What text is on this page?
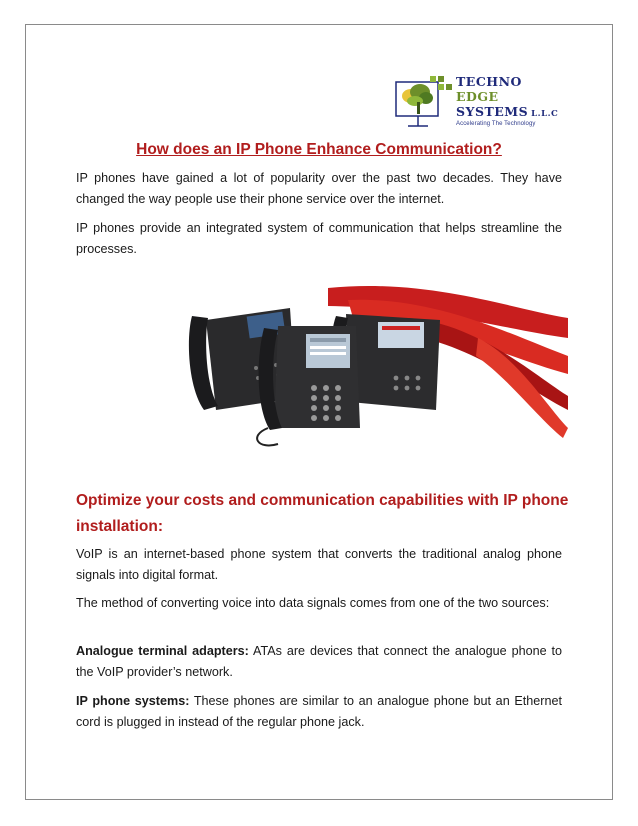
TECHNO
EDGE
SYSTEMS L.L.C
Accelerating The Technology
How does an IP Phone Enhance Communication?

IP phones have gained a lot of popularity over the past two decades. They have changed the way people use their phone service over the internet.

IP phones provide an integrated system of communication that helps streamline the processes.

Optimize your costs and communication capabilities with IP phone installation:

VoIP is an internet-based phone system that converts the traditional analog phone signals into digital format.

The method of converting voice into data signals comes from one of the two sources:

Analogue terminal adapters: ATAs are devices that connect the analogue phone to the VoIP provider’s network.

IP phone systems: These phones are similar to an analogue phone but an Ethernet cord is plugged in instead of the regular phone jack.
